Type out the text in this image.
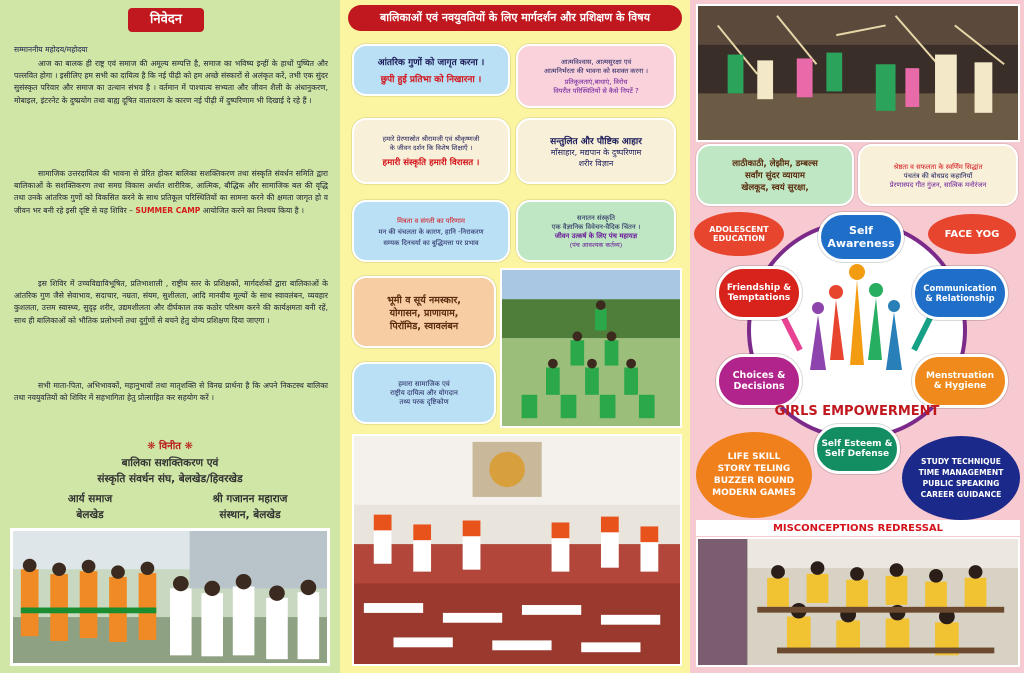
निवेदन
सम्माननीय महोदय/महोदया
आज का बालक ही राष्ट्र एवं समाज की अमूल्य सम्पत्ति है, समाज का भविष्य इन्हीं के हाथों पुष्पित और पल्लवित होगा । इसीलिए हम सभी का दायित्व है कि नई पीढ़ी को हम अच्छे संस्कारों से अलंकृत करें, तभी एक सुंदर सुसंस्कृत परिवार और समाज का उत्थान संभव है । वर्तमान में पाश्चात्य सभ्यता और जीवन शैली के अंधानुकरण, मोबाइल, इंटरनेट के दुष्प्रयोग तथा बाह्य दूषित वातावरण के कारण नई पीढ़ी में दुष्परिणाम भी दिखाई दे रहे हैं ।
सामाजिक उत्तरदायित्व की भावना से प्रेरित होकर बालिका सशक्तिकरण तथा संस्कृति संवर्धन समिति द्वारा बालिकाओं के सशक्तिकरण तथा समग्र विकास अर्थात शारीरिक, आत्मिक, बौद्धिक और सामाजिक बल की वृद्धि तथा उनके आंतरिक गुणों को विकसित करने के साथ प्रतिकूल परिस्थितियों का सामना करने की क्षमता जागृत हो व जीवन भर बनी रहे इसी दृष्टि से यह शिविर – SUMMER CAMP आयोजित करने का निश्चय किया है ।
इस शिविर में उच्चविद्याविभूषित, प्रतिभाशाली , राष्ट्रीय स्तर के प्रशिक्षकों, मार्गदर्शकों द्वारा बालिकाओं के आंतरिक गुण जैसे सेवाभाव, सदाचार, नम्रता, संयम, सुशीलता, आदि मानवीय मूल्यों के साथ स्वावलंबन, व्यवहार कुशलता, उत्तम स्वास्थ्य, सुदृढ़ शरीर, उद्यमशीलता और दीर्घकाल तक कठोर परिश्रम करने की कार्यक्षमता बनी रहें, साथ ही बालिकाओं को भौतिक प्रलोभनों तथा दुर्गुणों से बचने हेतु योग्य प्रशिक्षण दिया जाएगा ।
सभी माता-पिता, अभिभावकों, महानुभावों तथा मातृशक्ति से विनम्र प्रार्थना है कि अपने निकटस्थ बालिका तथा नवयुवतियों को शिविर में सहभागिता हेतु प्रोत्साहित कर सहयोग करें ।
❋ विनीत ❋
बालिका सशक्तिकरण एवं
संस्कृति संवर्धन संघ, बेलखेड/हिवरखेड
आर्य समाज
बेलखेड
श्री गजानन महाराज
संस्थान, बेलखेड
बालिकाओं एवं नवयुवतियों के लिए मार्गदर्शन और प्रशिक्षण के विषय
आंतरिक गुणों को जागृत करना ।
छुपी हुई प्रतिभा को निखारना ।
आत्मविश्वास, आत्मसुरक्षा एवं
आत्मनिर्भरता की भावना को सशक्त करना ।
प्रतिकूलताएं,बाधाएं, विरोध
विपरीत परिस्थितियों से कैसे निपटें ?
हमारे प्रेरणास्रोत श्रीरामजी एवं श्रीकृष्णजी
के जीवन दर्शन कि विशेष शिक्षाएँ ।
हमारी संस्कृति हमारी विरासत ।
सन्तुलित और पौष्टिक आहार
माँसाहार, मद्यपान के दुष्परिणाम
शरीर विज्ञान
मित्रता व संगती का परिणाम
मन की चंचलता के कारण, हानि -निराकरण
सम्यक दिनचर्या का बुद्धिमत्ता पर प्रभाव
सनातन संस्कृति
एक वैज्ञानिक विवेचन-वैदिक चिंतन ।
जीवन उत्कर्ष के लिए पंच महायज्ञ
(पंच आवश्यक कर्तव्य)
भूमी व सूर्य नमस्कार,
योगासन, प्राणायाम,
पिरॉमिड, स्वावलंबन
हमारा सामाजिक एवं
राष्ट्रीय दायित्व और योगदान
तथ्य परक दृष्टिकोण
लाठीकाठी, लेझीम, डम्बल्स
सर्वांग सुंदर व्यायाम
खेलकूद, स्वयं सुरक्षा,
श्रेष्ठता व सफलता के स्वर्णिम सिद्धांत
पंचतंत्र की बोधप्रद कहानियाँ
प्रेरणास्पद गीत गुंजन, सात्विक मनोरंजन
ADOLESCENT
EDUCATION	FACE YOG
Self
Awareness
Friendship &
Temptations
Communication
& Relationship
Choices &
Decisions
Menstruation
& Hygiene
GIRLS EMPOWERMENT
Self Esteem &
Self Defense
LIFE SKILL
STORY TELING
BUZZER ROUND
MODERN GAMES
STUDY TECHNIQUE
TIME MANAGEMENT
PUBLIC SPEAKING
CAREER GUIDANCE
MISCONCEPTIONS REDRESSAL
